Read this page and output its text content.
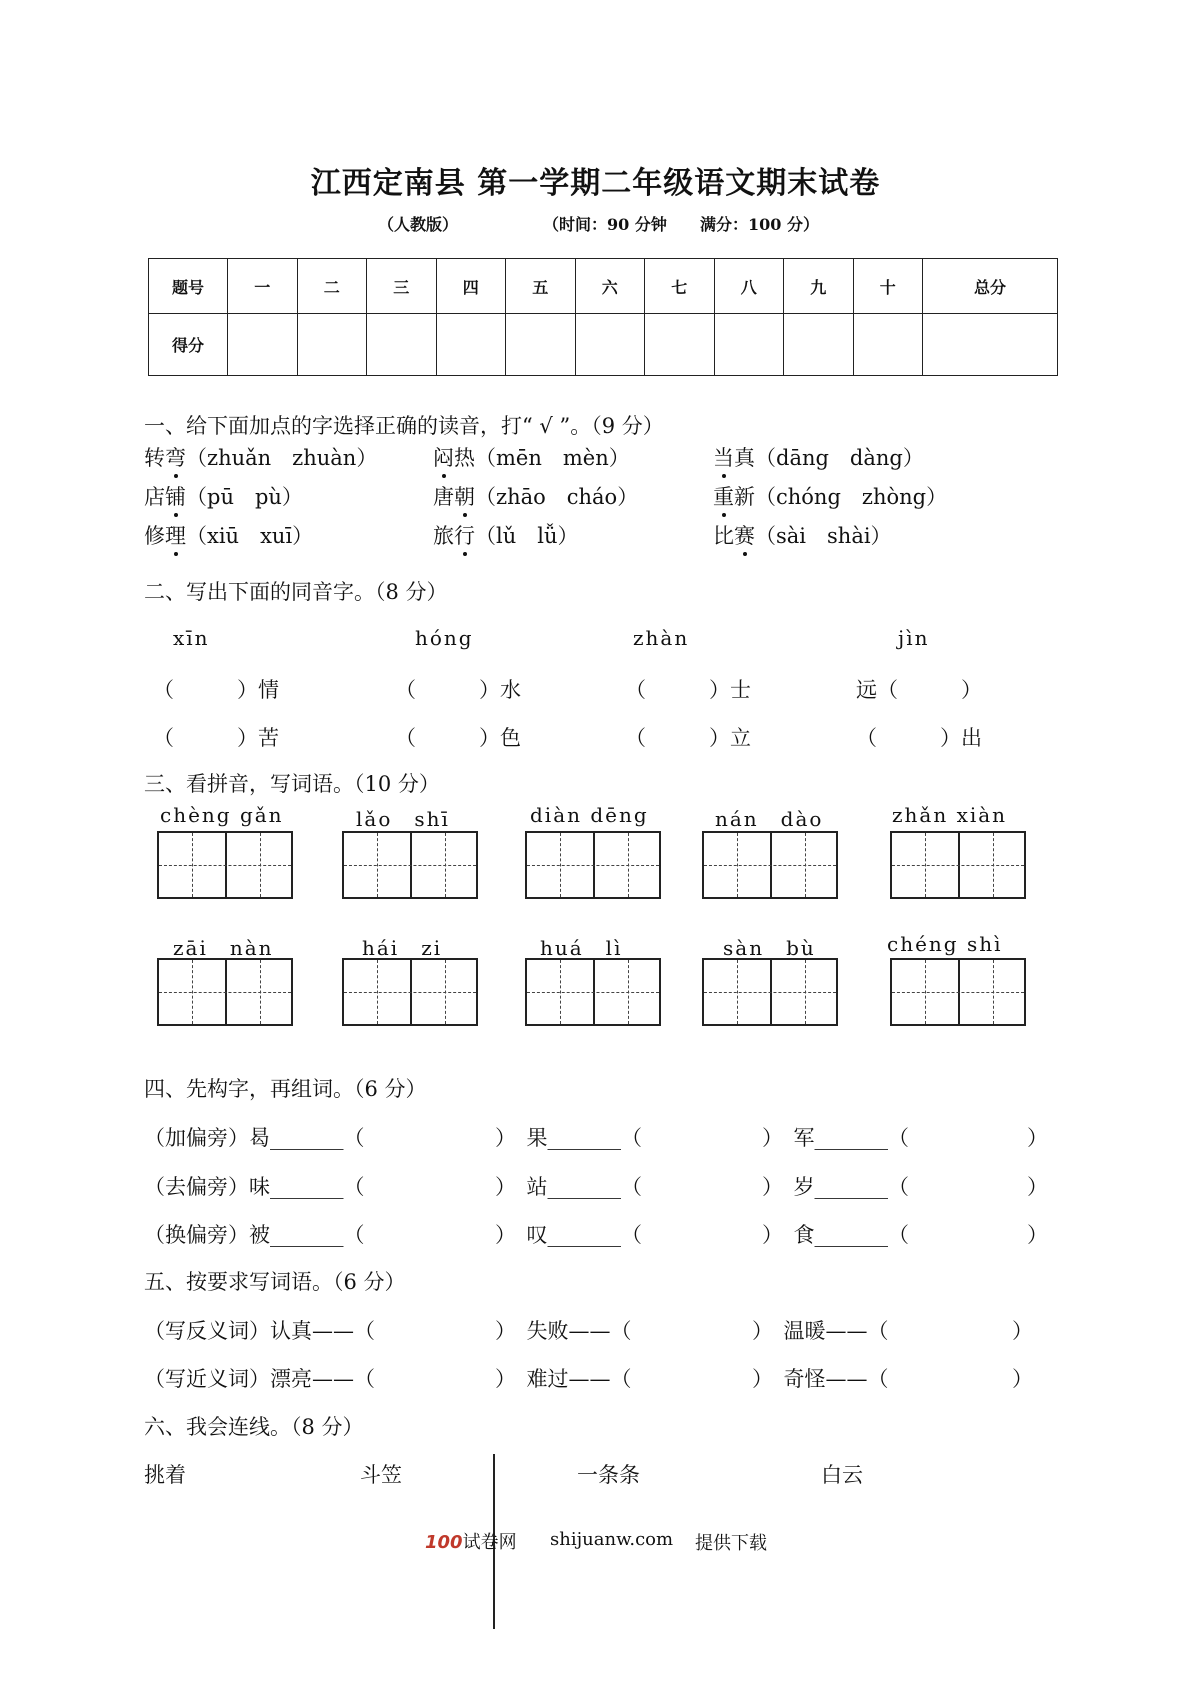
江西定南县 第一学期二年级语文期末试卷
（人教版）	（时间：90 分钟 满分：100 分）
题号	一	二	三	四	五	六	七	八	九	十	总分
得分											
一、给下面加点的字选择正确的读音，打“ √ ”。（9 分）
转弯（zhuǎn　zhuàn）	闷热（mēn　mèn）	当真（dāng　dàng）
店铺（pū　pù）	唐朝（zhāo　cháo）	重新（chóng　zhòng）
修理（xiū　xuī）	旅行（lǔ　lǚ）	比赛（sài　shài）
二、写出下面的同音字。（8 分）
xīn	hóng	zhàn	jìn
（　　　）情	（　　　）水	（　　　）士	远（　　　）
（　　　）苦	（　　　）色	（　　　）立	（　　　）出
三、看拼音，写词语。（10 分）
chèng gǎn	lǎo　shī	diàn dēng	nán　dào	zhǎn xiàn
zāi　nàn	hái　zi	huá　lì	sàn　bù	chéng shì
四、先构字，再组词。（6 分）
（加偏旁）曷_______（	）　果_______（	）　军_______（	）
（去偏旁）味_______（	）　站_______（	）　岁_______（	）
（换偏旁）被_______（	）　叹_______（	）　食_______（	）
五、按要求写词语。（6 分）
（写反义词）认真——（	）　失败——（	）　温暖——（	）
（写近义词）漂亮——（	）　难过——（	）　奇怪——（	）
六、我会连线。（8 分）
挑着	斗笠	一条条	白云
100试卷网 shijuanw.com 提供下载
